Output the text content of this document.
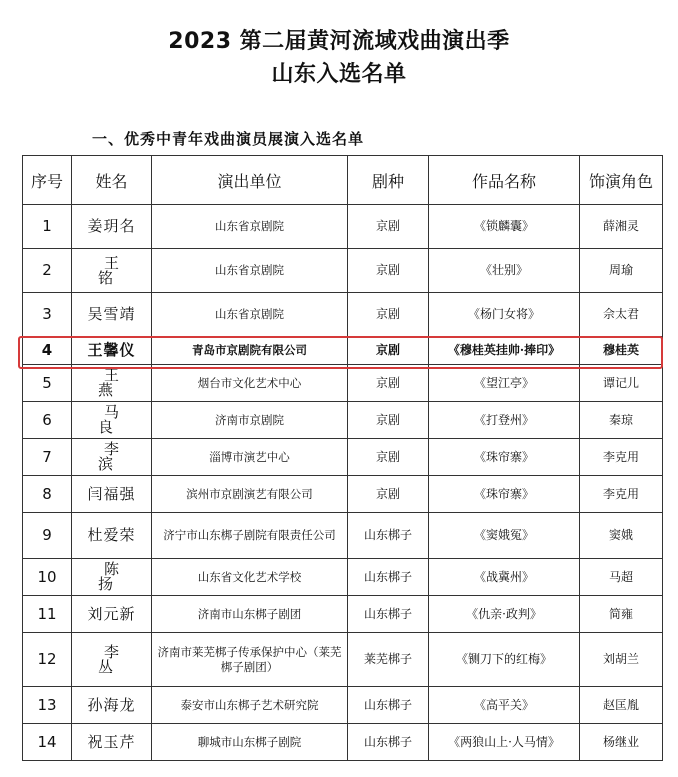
2023 第二届黄河流域戏曲演出季
山东入选名单
一、优秀中青年戏曲演员展演入选名单
序号	姓名	演出单位	剧种	作品名称	饰演角色
1	姜玥名	山东省京剧院	京剧	《锁麟囊》	薛湘灵
2	王 铭	山东省京剧院	京剧	《壮别》	周瑜
3	吴雪靖	山东省京剧院	京剧	《杨门女将》	佘太君
4	王馨仪	青岛市京剧院有限公司	京剧	《穆桂英挂帅·捧印》	穆桂英
5	王 燕	烟台市文化艺术中心	京剧	《望江亭》	谭记儿
6	马 良	济南市京剧院	京剧	《打登州》	秦琼
7	李 滨	淄博市演艺中心	京剧	《珠帘寨》	李克用
8	闫福强	滨州市京剧演艺有限公司	京剧	《珠帘寨》	李克用
9	杜爱荣	济宁市山东梆子剧院有限责任公司	山东梆子	《窦娥冤》	窦娥
10	陈 扬	山东省文化艺术学校	山东梆子	《战冀州》	马超
11	刘元新	济南市山东梆子剧团	山东梆子	《仇亲·政判》	简雍
12	李 丛	济南市莱芜梆子传承保护中心（莱芜梆子剧团）	莱芜梆子	《铡刀下的红梅》	刘胡兰
13	孙海龙	泰安市山东梆子艺术研究院	山东梆子	《高平关》	赵匡胤
14	祝玉芹	聊城市山东梆子剧院	山东梆子	《两狼山上·人马情》	杨继业
